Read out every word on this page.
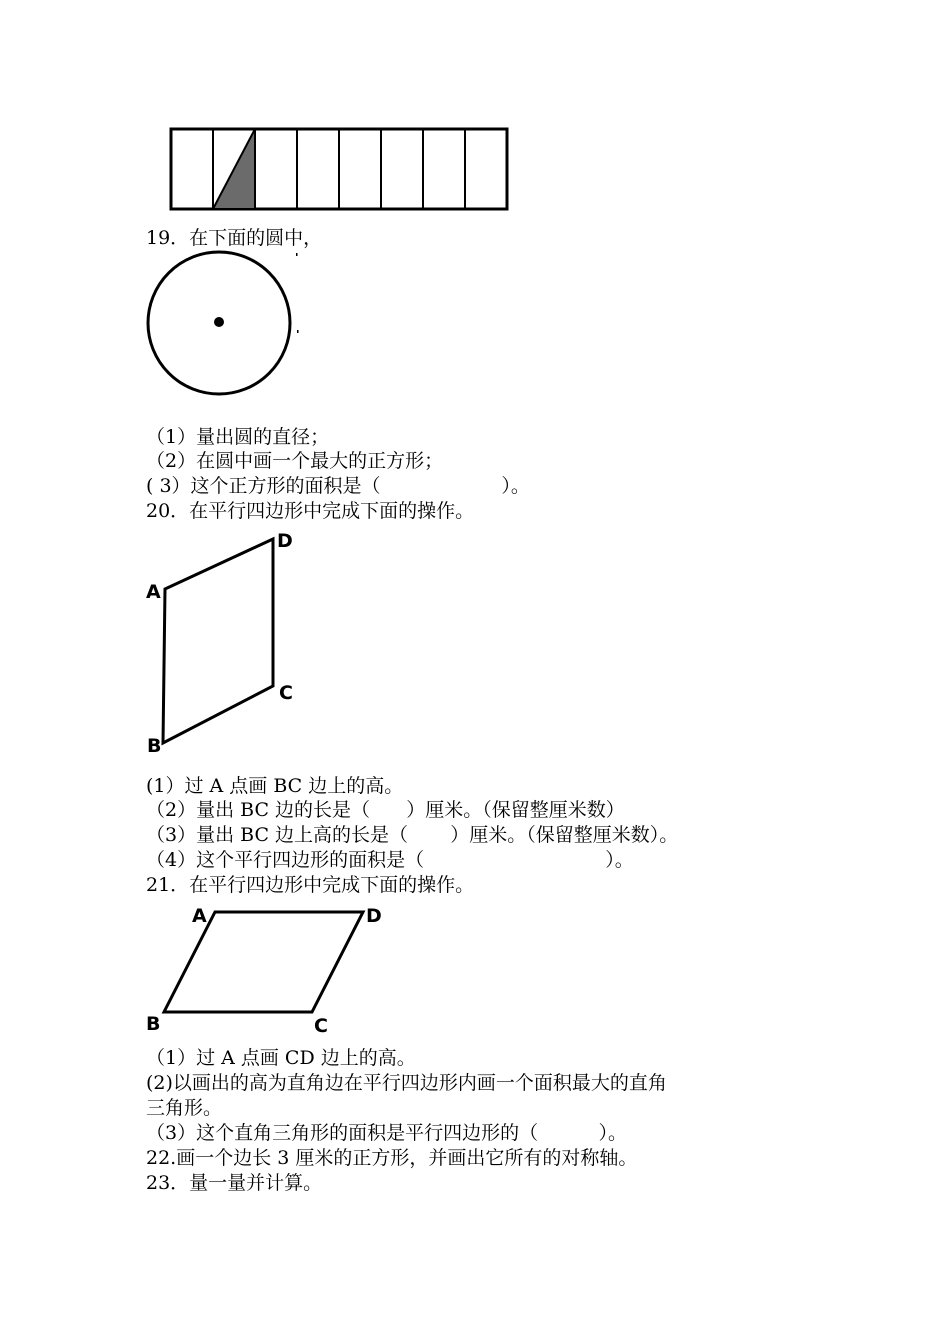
19．在下面的圆中，
（1）量出圆的直径；
（2）在圆中画一个最大的正方形；
( 3）这个正方形的面积是（                    ）。
20．在平行四边形中完成下面的操作。
D
A
C
B
(1）过 A 点画 BC 边上的高。
（2）量出 BC 边的长是（      ）厘米。（保留整厘米数）
（3）量出 BC 边上高的长是（       ）厘米。（保留整厘米数）。
（4）这个平行四边形的面积是（                              ）。
21．在平行四边形中完成下面的操作。
A	D
B	C
（1）过 A 点画 CD 边上的高。
(2)以画出的高为直角边在平行四边形内画一个面积最大的直角
三角形。
（3）这个直角三角形的面积是平行四边形的（          ）。
22.画一个边长 3 厘米的正方形，并画出它所有的对称轴。
23．量一量并计算。
